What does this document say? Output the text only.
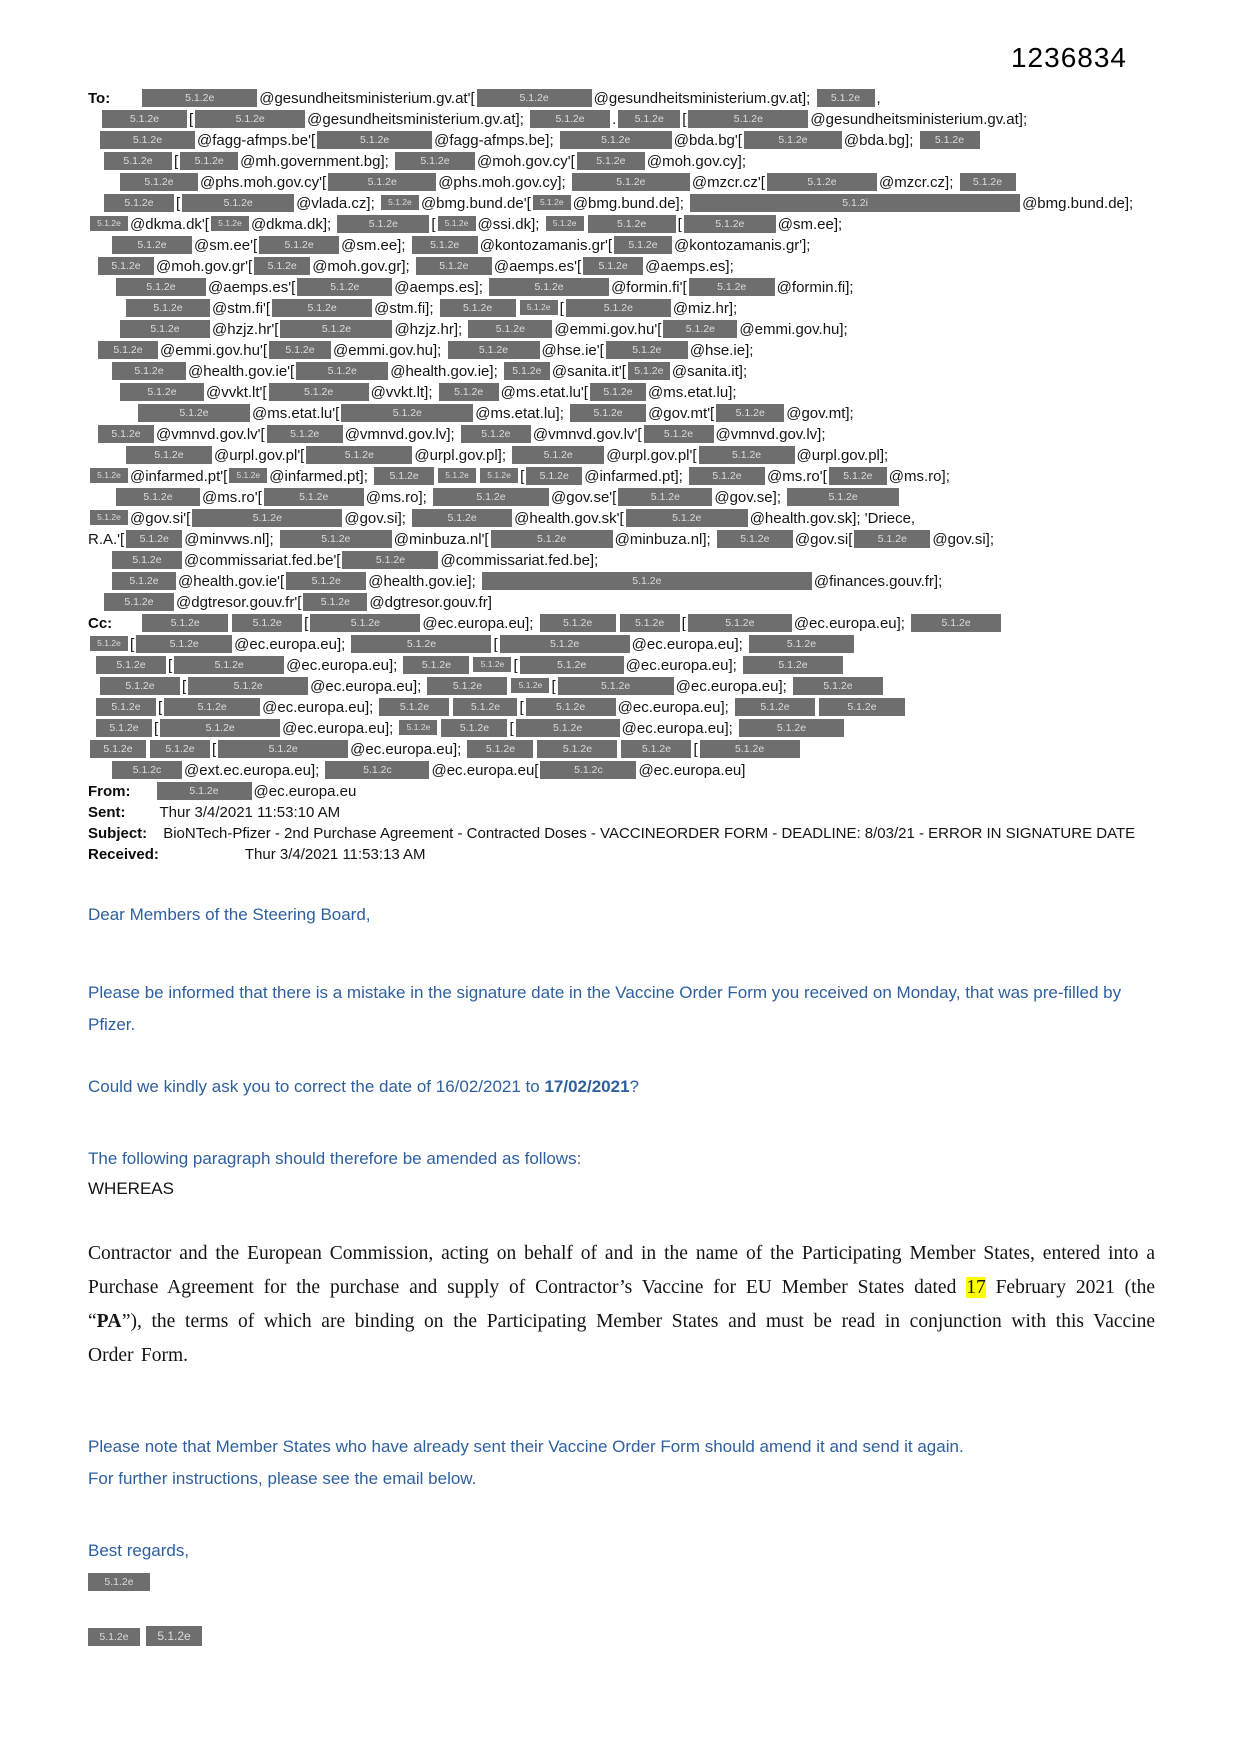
1236834
To:	5.1.2e	@gesundheitsministerium.gv.at'[	5.1.2e	@gesundheitsministerium.gv.at]; 5.1.2e ,
5.1.2e [	5.1.2e	@gesundheitsministerium.gv.at];	5.1.2e . 5.1.2e [	5.1.2e	@gesundheitsministerium.gv.at];
5.1.2e @fagg-afmps.be'[	5.1.2e	@fagg-afmps.be];	5.1.2e	@bda.bg'[	5.1.2e @bda.bg]; 5.1.2e
5.1.2e [ 5.1.2e @mh.government.bg];	5.1.2e @moh.gov.cy'[ 5.1.2e @moh.gov.cy];
5.1.2e @phs.moh.gov.cy'[	5.1.2e	@phs.moh.gov.cy];	5.1.2e	@mzcr.cz'[	5.1.2e	@mzcr.cz]; 5.1.2e
5.1.2e [	5.1.2e	@vlada.cz]; 5.1.2e @bmg.bund.de'[ 5.1.2e @bmg.bund.de];	5.1.2i	@bmg.bund.de];
5.1.2e @dkma.dk'[ 5.1.2e @dkma.dk];	5.1.2e [ 5.1.2e @ssi.dk]; 5.1.2e	5.1.2e [	5.1.2e @sm.ee];
5.1.2e @sm.ee'[	5.1.2e @sm.ee]; 5.1.2e @kontozamanis.gr'[ 5.1.2e @kontozamanis.gr'];
5.1.2e @moh.gov.gr'[ 5.1.2e @moh.gov.gr]; 5.1.2e @aemps.es'[ 5.1.2e @aemps.es];
5.1.2e @aemps.es'[	5.1.2e @aemps.es];	5.1.2e	@formin.fi'[	5.1.2e @formin.fi];
5.1.2e @stm.fi'[	5.1.2e @stm.fi]; 5.1.2e	5.1.2e [	5.1.2e	@miz.hr];
5.1.2e @hzjz.hr'[	5.1.2e	@hzjz.hr];	5.1.2e @emmi.gov.hu'[ 5.1.2e @emmi.gov.hu];
5.1.2e @emmi.gov.hu'[ 5.1.2e @emmi.gov.hu];	5.1.2e @hse.ie'[	5.1.2e @hse.ie];
5.1.2e @health.gov.ie'[	5.1.2e @health.gov.ie]; 5.1.2e @sanita.it'[ 5.1.2e @sanita.it];
5.1.2e @vvkt.lt'[	5.1.2e @vvkt.lt]; 5.1.2e @ms.etat.lu'[ 5.1.2e @ms.etat.lu];
5.1.2e	@ms.etat.lu'[	5.1.2e	@ms.etat.lu]; 5.1.2e @gov.mt'[ 5.1.2e @gov.mt];
5.1.2e @vmnvd.gov.lv'[ 5.1.2e @vmnvd.gov.lv]; 5.1.2e @vmnvd.gov.lv'[ 5.1.2e @vmnvd.gov.lv];
5.1.2e @urpl.gov.pl'[	5.1.2e	@urpl.gov.pl];	5.1.2e @urpl.gov.pl'[	5.1.2e @urpl.gov.pl];
5.1.2e @infarmed.pt'[ 5.1.2e @infarmed.pt]; 5.1.2e	5.1.2e 5.1.2e [ 5.1.2e @infarmed.pt]; 5.1.2e @ms.ro'[ 5.1.2e @ms.ro];
5.1.2e @ms.ro'[	5.1.2e @ms.ro];	5.1.2e	@gov.se'[	5.1.2e @gov.se];	5.1.2e
5.1.2e @gov.si'[	5.1.2e	@gov.si];	5.1.2e @health.gov.sk'[	5.1.2e	@health.gov.sk]; 'Driece,
R.A.'[ 5.1.2e @minvws.nl];	5.1.2e	@minbuza.nl'[	5.1.2e	@minbuza.nl]; 5.1.2e @gov.si[ 5.1.2e @gov.si];
5.1.2e @commissariat.fed.be'[	5.1.2e @commissariat.fed.be];
5.1.2e @health.gov.ie'[	5.1.2e @health.gov.ie];	5.1.2e	@finances.gouv.fr];
5.1.2e @dgtresor.gouv.fr'[ 5.1.2e @dgtresor.gouv.fr]
Cc:	5.1.2e	5.1.2e [	5.1.2e	@ec.europa.eu]; 5.1.2e	5.1.2e [	5.1.2e	@ec.europa.eu];	5.1.2e
5.1.2e [	5.1.2e @ec.europa.eu];	5.1.2e	[	5.1.2e	@ec.europa.eu];	5.1.2e
5.1.2e [	5.1.2e	@ec.europa.eu]; 5.1.2e	5.1.2e [	5.1.2e	@ec.europa.eu];	5.1.2e
5.1.2e [	5.1.2e	@ec.europa.eu];	5.1.2e	5.1.2e [	5.1.2e	@ec.europa.eu];	5.1.2e
5.1.2e [	5.1.2e @ec.europa.eu]; 5.1.2e	5.1.2e [	5.1.2e @ec.europa.eu];	5.1.2e	5.1.2e
5.1.2e [	5.1.2e	@ec.europa.eu]; 5.1.2e	5.1.2e [	5.1.2e	@ec.europa.eu];	5.1.2e
5.1.2e	5.1.2e [	5.1.2e	@ec.europa.eu]; 5.1.2e	5.1.2e	5.1.2e [	5.1.2e
5.1.2c @ext.ec.europa.eu];	5.1.2c	@ec.europa.eu[	5.1.2c @ec.europa.eu]
From:	5.1.2e @ec.europa.eu
Sent: Thur 3/4/2021 11:53:10 AM
Subject: BioNTech-Pfizer - 2nd Purchase Agreement - Contracted Doses - VACCINEORDER FORM - DEADLINE: 8/03/21 - ERROR IN SIGNATURE DATE
Received:	Thur 3/4/2021 11:53:13 AM
Dear Members of the Steering Board,
Please be informed that there is a mistake in the signature date in the Vaccine Order Form you received on Monday, that was pre-filled by Pfizer.
Could we kindly ask you to correct the date of 16/02/2021 to 17/02/2021?
The following paragraph should therefore be amended as follows:
WHEREAS
Contractor and the European Commission, acting on behalf of and in the name of the Participating Member States, entered into a Purchase Agreement for the purchase and supply of Contractor’s Vaccine for EU Member States dated 17 February 2021 (the “PA”), the terms of which are binding on the Participating Member States and must be read in conjunction with this Vaccine Order Form.
Please note that Member States who have already sent their Vaccine Order Form should amend it and send it again.
For further instructions, please see the email below.
Best regards,
5.1.2e
5.1.2e 5.1.2e
